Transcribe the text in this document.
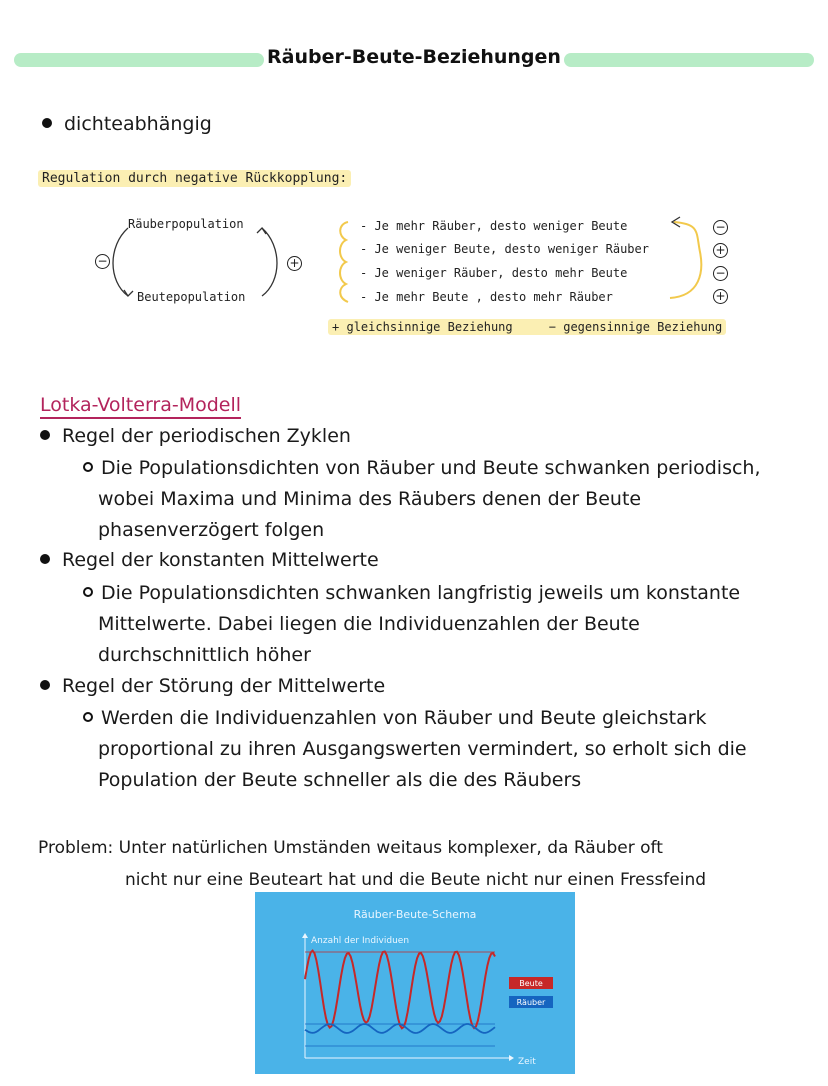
Räuber-Beute-Beziehungen
dichteabhängig
Regulation durch negative Rückkopplung:
Räuberpopulation
Beutepopulation
−	+
- Je mehr Räuber, desto weniger Beute
- Je weniger Beute, desto weniger Räuber
- Je weniger Räuber, desto mehr Beute
- Je mehr Beute , desto mehr Räuber
−
+
−
+
+ gleichsinnige Beziehung	− gegensinnige Beziehung
Lotka-Volterra-Modell
Regel der periodischen Zyklen
Die Populationsdichten von Räuber und Beute schwanken periodisch,
wobei Maxima und Minima des Räubers denen der Beute
phasenverzögert folgen
Regel der konstanten Mittelwerte
Die Populationsdichten schwanken langfristig jeweils um konstante
Mittelwerte. Dabei liegen die Individuenzahlen der Beute
durchschnittlich höher
Regel der Störung der Mittelwerte
Werden die Individuenzahlen von Räuber und Beute gleichstark
proportional zu ihren Ausgangswerten vermindert, so erholt sich die
Population der Beute schneller als die des Räubers
Problem: Unter natürlichen Umständen weitaus komplexer, da Räuber oft
nicht nur eine Beuteart hat und die Beute nicht nur einen Fressfeind
Räuber-Beute-Schema
Anzahl der Individuen
Zeit
Beute
Räuber
